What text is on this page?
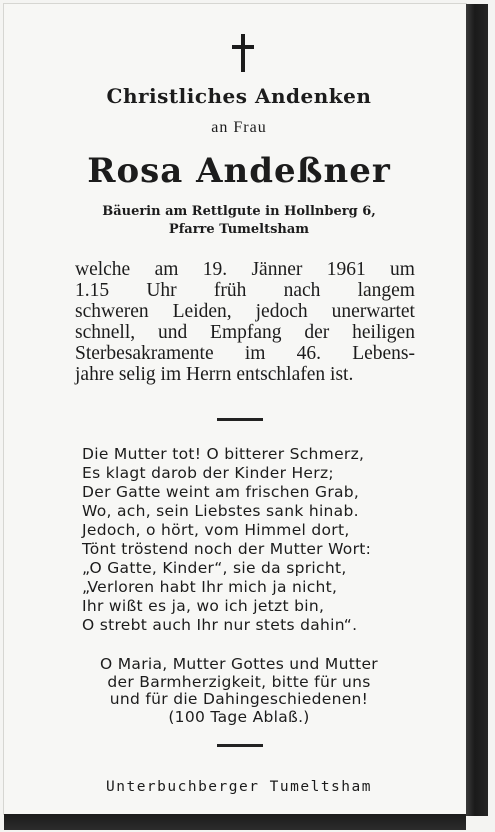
Christliches Andenken
an Frau
Rosa Andeßner
Bäuerin am Rettlgute in Hollnberg 6,
Pfarre Tumeltsham
welche am 19. Jänner 1961 um
1.15 Uhr früh nach langem
schweren Leiden, jedoch unerwartet
schnell, und Empfang der heiligen
Sterbesakramente im 46. Lebens-
jahre selig im Herrn entschlafen ist.
Die Mutter tot! O bitterer Schmerz,
Es klagt darob der Kinder Herz;
Der Gatte weint am frischen Grab,
Wo, ach, sein Liebstes sank hinab.
Jedoch, o hört, vom Himmel dort,
Tönt tröstend noch der Mutter Wort:
„O Gatte, Kinder“, sie da spricht,
„Verloren habt Ihr mich ja nicht,
Ihr wißt es ja, wo ich jetzt bin,
O strebt auch Ihr nur stets dahin“.
O Maria, Mutter Gottes und Mutter
der Barmherzigkeit, bitte für uns
und für die Dahingeschiedenen!
(100 Tage Ablaß.)
Unterbuchberger Tumeltsham
